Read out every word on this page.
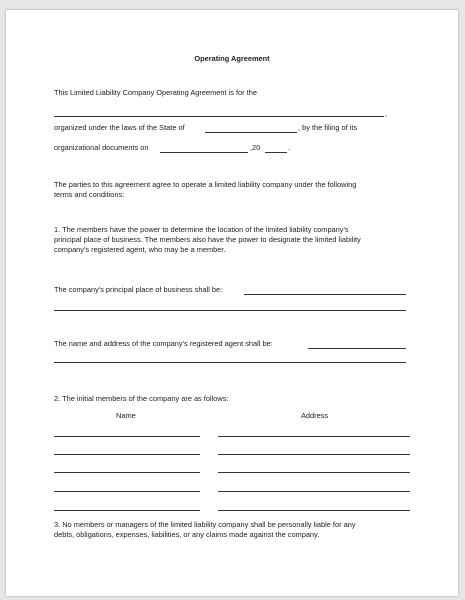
Operating Agreement
This Limited Liability Company Operating Agreement is for the
,
organized under the laws of the State of	, by the filing of its
organizational documents on	,20	.
The parties to this agreement agree to operate a limited liability company under the following
terms and conditions:
1. The members have the power to determine the location of the limited liability company's
principal place of business. The members also have the power to designate the limited liability
company's registered agent, who may be a member.
The company's principal place of business shall be:
The name and address of the company's registered agent shall be:
2. The initial members of the company are as follows:
Name	Address
3. No members or managers of the limited liability company shall be personally liable for any
debts, obligations, expenses, liabilities, or any claims made against the company.
